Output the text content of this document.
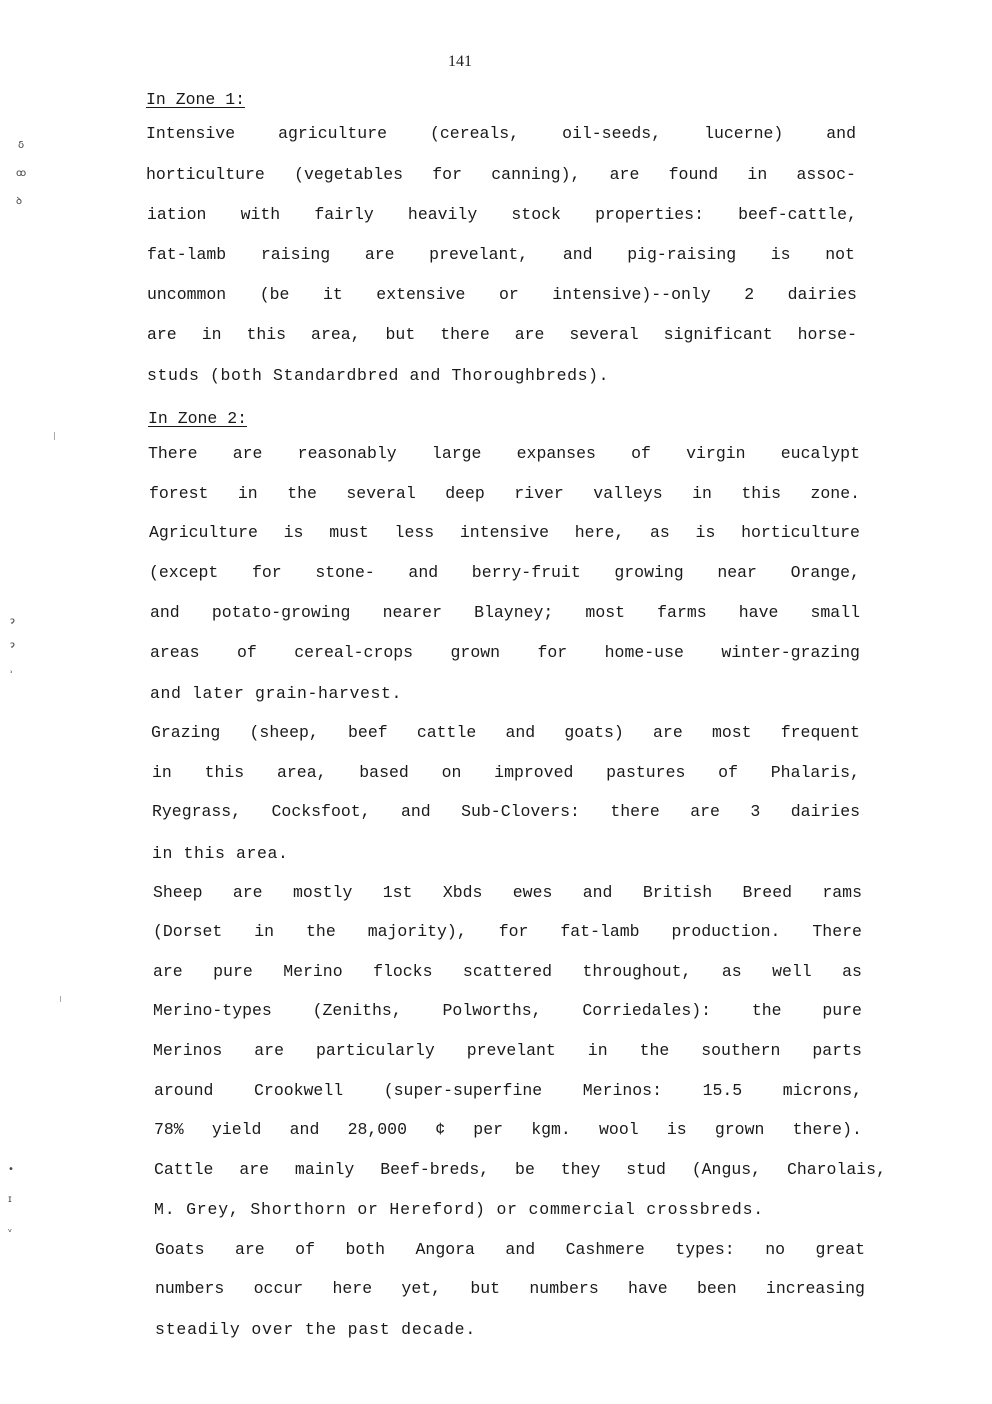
141
δ
ꝏ
ꝺ
ɂ
ɂ
ʾ
•
ɪ
ᵥ
In Zone 1:
Intensive	agriculture	(cereals,	oil-seeds,	lucerne)	and
horticulture (vegetables for canning), are found in assoc-
iation with fairly heavily stock properties: beef-cattle,
fat-lamb raising are prevelant, and pig-raising is not
uncommon (be it extensive or intensive)--only 2 dairies
are in this area, but there are several significant horse-
studs (both Standardbred and Thoroughbreds).
In Zone 2:
There are reasonably large expanses of virgin eucalypt
forest in the several deep river valleys in this zone.
Agriculture is must less intensive here, as is horticulture
(except for stone- and berry-fruit growing near Orange,
and potato-growing nearer Blayney; most farms have small
areas of cereal-crops grown for home-use winter-grazing
and later grain-harvest.
Grazing (sheep, beef cattle and goats) are most frequent
in this area, based on improved pastures of Phalaris,
Ryegrass, Cocksfoot, and Sub-Clovers: there are 3 dairies
in this area.
Sheep are mostly 1st Xbds ewes and British Breed rams
(Dorset in the majority), for fat-lamb production. There
are pure Merino flocks scattered throughout, as well as
Merino-types (Zeniths, Polworths, Corriedales): the pure
Merinos are particularly prevelant in the southern parts
around Crookwell (super-superfine Merinos: 15.5 microns,
78% yield and 28,000 ¢ per kgm. wool is grown there).
Cattle are mainly Beef-breds, be they stud (Angus, Charolais,
M. Grey, Shorthorn or Hereford) or commercial crossbreds.
Goats are of both Angora and Cashmere types: no great
numbers occur here yet, but numbers have been increasing
steadily over the past decade.
